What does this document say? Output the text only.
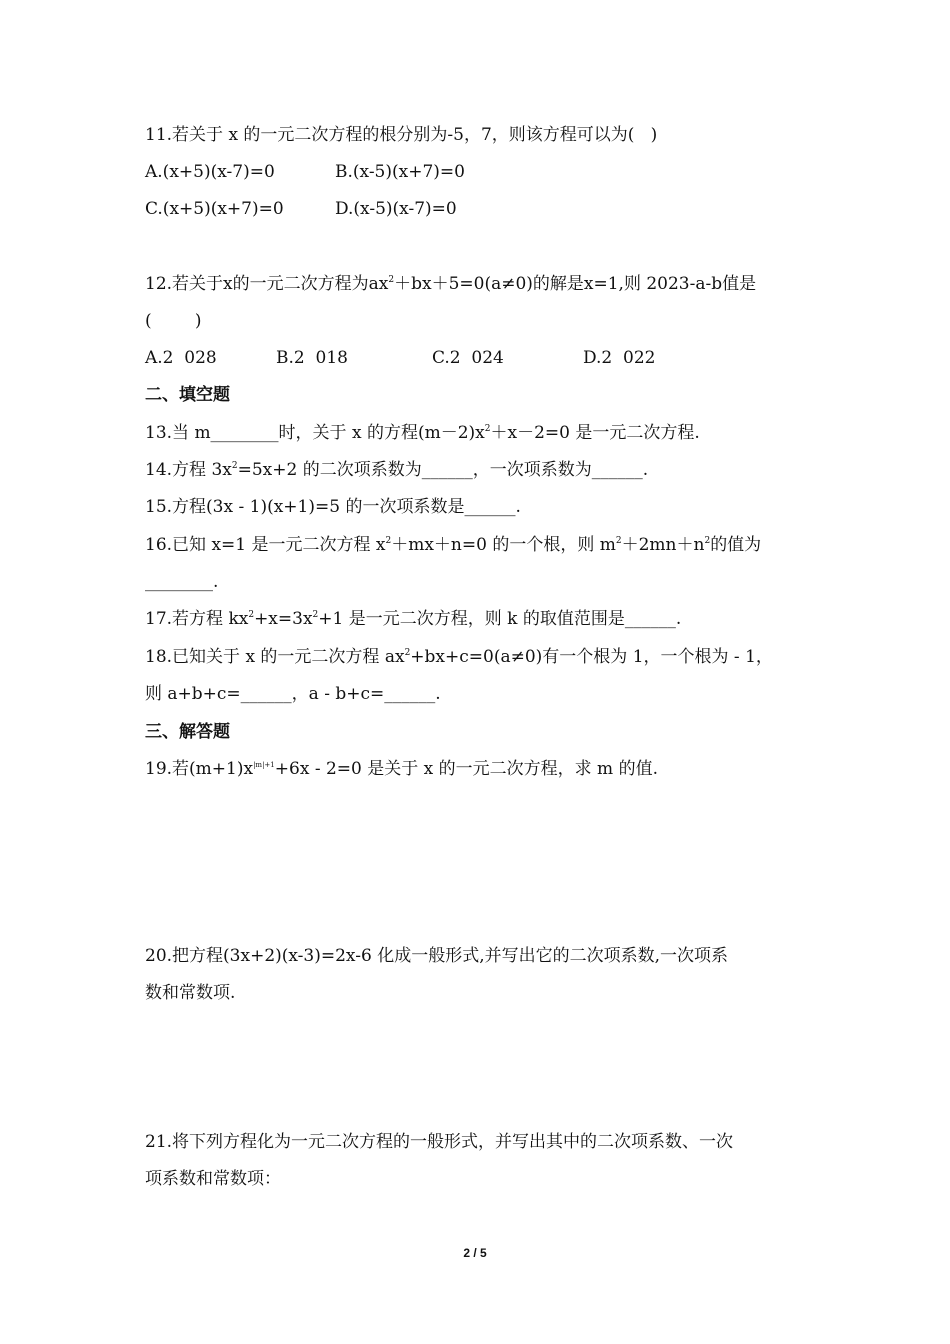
11.若关于 x 的一元二次方程的根分别为-5，7，则该方程可以为(   )
A.(x+5)(x-7)=0	B.(x-5)(x+7)=0
C.(x+5)(x+7)=0	D.(x-5)(x-7)=0
12.若关于x的一元二次方程为$ax^2+bx+5=0(a\ne 0)$的解是x=1,则 2023-a-b值是
(        )
A.2  028	B.2  018	C.2  024	D.2  022
二、填空题
13.当 m________时，关于 x 的方程$(m-2)x^2+x-2=0$ 是一元二次方程.
14.方程 $3x^2=5x+2$ 的二次项系数为______，一次项系数为______.
15.方程(3x - 1)(x+1)=5 的一次项系数是______.
16.已知 x=1 是一元二次方程 $x^2+mx+n=0$ 的一个根，则 $m^2+2mn+n^2$的值为
________.
17.若方程 $kx^2+x=3x^2+1$ 是一元二次方程，则 k 的取值范围是______.
18.已知关于 x 的一元二次方程 $ax^2+bx+c=0(a\ne 0)$有一个根为 1，一个根为 - 1，
则 a+b+c=______，a - b+c=______.
三、解答题
19.若$(m+1)x^{|m|+1}+6x - 2=0$ 是关于 x 的一元二次方程，求 m 的值.
20.把方程(3x+2)(x-3)=2x-6 化成一般形式,并写出它的二次项系数,一次项系
数和常数项.
21.将下列方程化为一元二次方程的一般形式，并写出其中的二次项系数、一次
项系数和常数项：
2 / 5
